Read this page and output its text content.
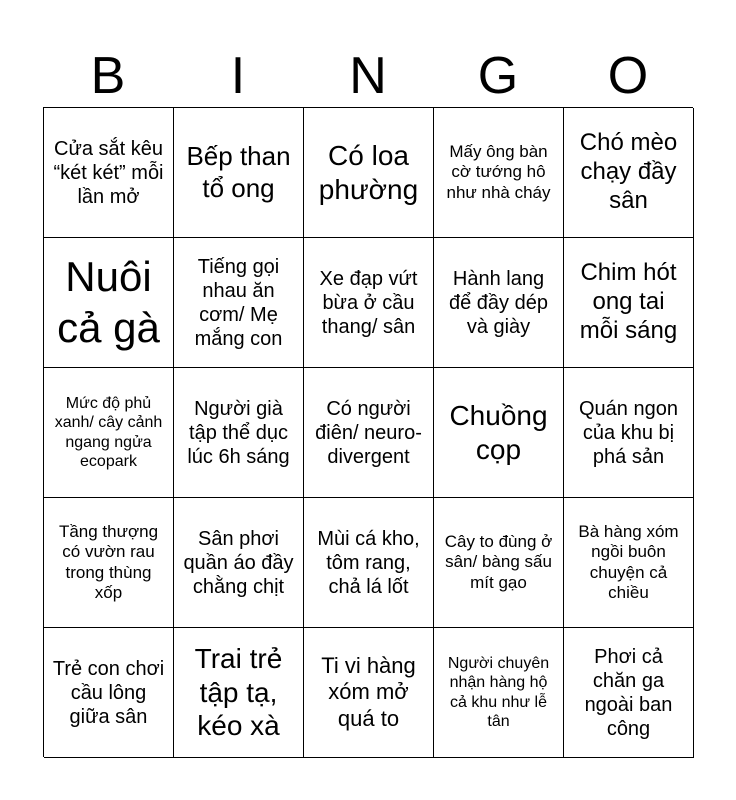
B	I	N	G	O
Cửa sắt kêu “két két” mỗi lần mở
Bếp than tổ ong
Có loa phường
Mấy ông bàn cờ tướng hô như nhà cháy
Chó mèo chạy đầy sân
Nuôi cả gà
Tiếng gọi nhau ăn cơm/ Mẹ mắng con
Xe đạp vứt bừa ở cầu thang/ sân
Hành lang để đầy dép và giày
Chim hót ong tai mỗi sáng
Mức độ phủ xanh/ cây cảnh ngang ngửa ecopark
Người già tập thể dục lúc 6h sáng
Có người điên/ neuro-divergent
Chuồng cọp
Quán ngon của khu bị phá sản
Tầng thượng có vườn rau trong thùng xốp
Sân phơi quần áo đầy chằng chịt
Mùi cá kho, tôm rang, chả lá lốt
Cây to đùng ở sân/ bàng sấu mít gạo
Bà hàng xóm ngồi buôn chuyện cả chiều
Trẻ con chơi cầu lông giữa sân
Trai trẻ tập tạ, kéo xà
Ti vi hàng xóm mở quá to
Người chuyên nhận hàng hộ cả khu như lễ tân
Phơi cả chăn ga ngoài ban công
